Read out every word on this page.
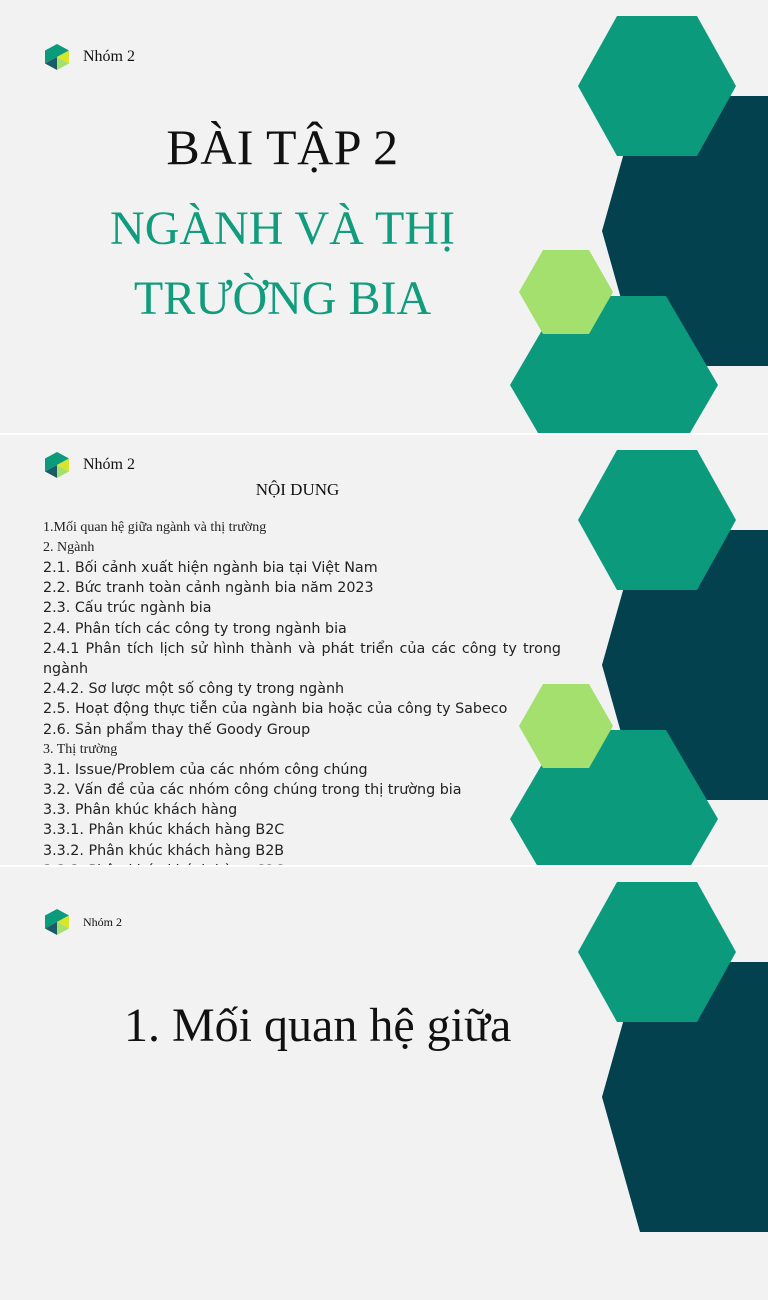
Nhóm 2
BÀI TẬP 2
NGÀNH VÀ THỊ
TRƯỜNG BIA
Nhóm 2
NỘI DUNG

1.Mối quan hệ giữa ngành và thị trường

2. Ngành

2.1. Bối cảnh xuất hiện ngành bia tại Việt Nam

2.2. Bức tranh toàn cảnh ngành bia năm 2023

2.3. Cấu trúc ngành bia

2.4. Phân tích các công ty trong ngành bia

2.4.1 Phân tích lịch sử hình thành và phát triển của các công ty trong ngành

2.4.2. Sơ lược một số công ty trong ngành

2.5. Hoạt động thực tiễn của ngành bia hoặc của công ty Sabeco

2.6. Sản phẩm thay thế Goody Group

3. Thị trường

3.1. Issue/Problem của các nhóm công chúng

3.2. Vấn đề của các nhóm công chúng trong thị trường bia

3.3. Phân khúc khách hàng

3.3.1. Phân khúc khách hàng B2C

3.3.2. Phân khúc khách hàng B2B

Nhóm 2
1. Mối quan hệ giữa
